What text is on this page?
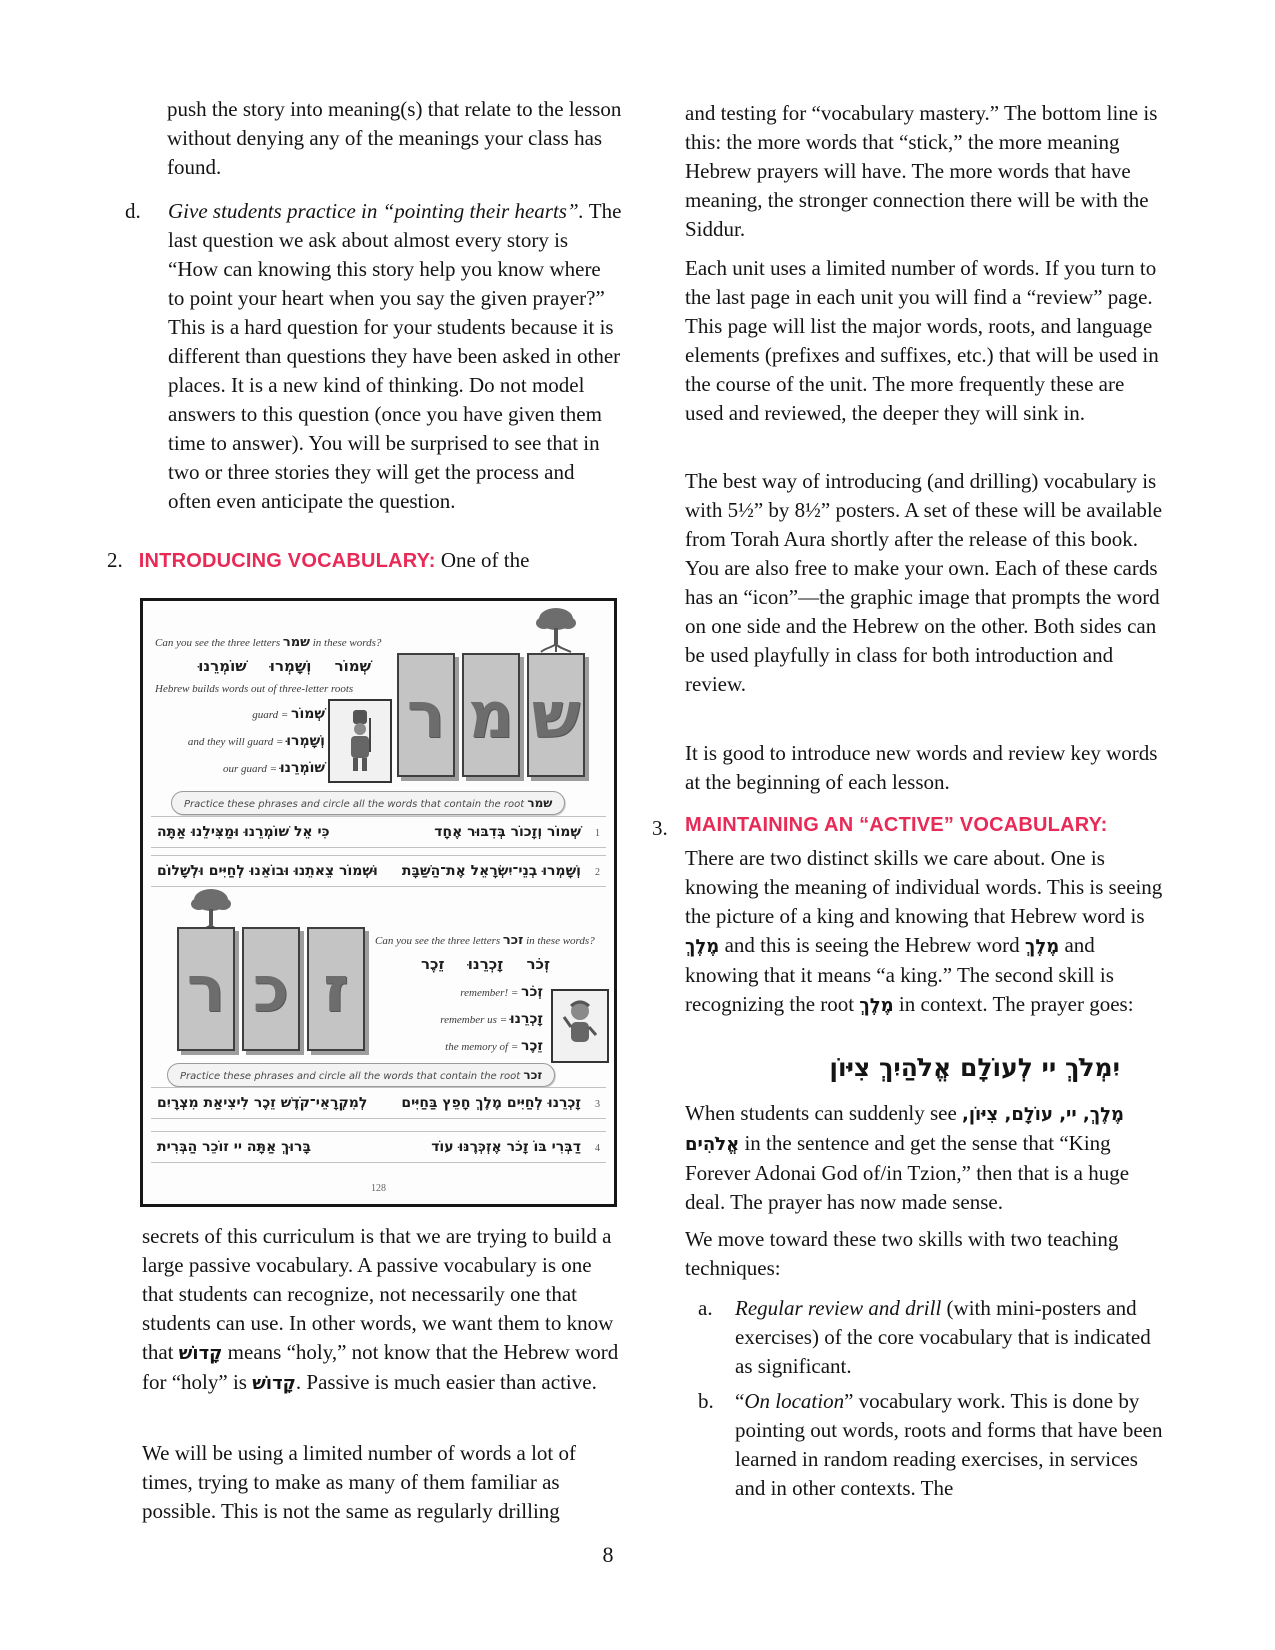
push the story into meaning(s) that relate to the lesson without denying any of the meanings your class has found.

d. Give students practice in “pointing their hearts”. The last question we ask about almost every story is “How can knowing this story help you know where to point your heart when you say the given prayer?” This is a hard question for your students because it is different than questions they have been asked in other places. It is a new kind of thinking. Do not model answers to this question (once you have given them time to answer). You will be surprised to see that in two or three stories they will get the process and often even anticipate the question.

2. INTRODUCING VOCABULARY: One of the
ש
מ
ר
Can you see the three letters שמר in these words?
שְׁמוֹר וְשָׁמְרוּ שׁוֹמְרֵנוּ
Hebrew builds words out of three-letter roots
guard = שְׁמוֹר
and they will guard = וְשָׁמְרוּ
our guard = שׁוֹמְרֵנוּ
Practice these phrases and circle all the words that contain the root שמר
1שְׁמוֹר וְזָכוֹר בְּדִבּוּר אֶחָד
כִּי אֵל שׁוֹמְרֵנוּ וּמַצִּילֵנוּ אַתָּה
2וְשָׁמְרוּ בְנֵי־יִשְׂרָאֵל אֶת־הַשַּׁבָּת
וּשְׁמוֹר צֵאתֵנוּ וּבוֹאֵנוּ לְחַיִּים וּלְשָׁלוֹם
ז
כ
ר
Can you see the three letters זכר in these words?
זְכֹר זָכְרֵנוּ זֵכֶר
remember! = זְכֹר
remember us = זָכְרֵנוּ
the memory of = זֵכֶר
Practice these phrases and circle all the words that contain the root זכר
3זָכְרֵנוּ לְחַיִּים מֶלֶךְ חָפֵץ בַּחַיִּים
לְמִקְרָאֵי־קֹדֶשׁ זֵכֶר לִיצִיאַת מִצְרָיִם
4דַבְּרִי בּוֹ זָכֹר אֶזְכְּרֶנּוּ עוֹד
בָּרוּךְ אַתָּה יי זוֹכֵר הַבְּרִית
128

secrets of this curriculum is that we are trying to build a large passive vocabulary. A passive vocabulary is one that students can recognize, not necessarily one that students can use. In other words, we want them to know that קָדוֹשׁ means “holy,” not know that the Hebrew word for “holy” is קָדוֹשׁ. Passive is much easier than active.

We will be using a limited number of words a lot of times, trying to make as many of them familiar as possible. This is not the same as regularly drilling

and testing for “vocabulary mastery.” The bottom line is this: the more words that “stick,” the more meaning Hebrew prayers will have. The more words that have meaning, the stronger connection there will be with the Siddur.

Each unit uses a limited number of words. If you turn to the last page in each unit you will find a “review” page. This page will list the major words, roots, and language elements (prefixes and suffixes, etc.) that will be used in the course of the unit. The more frequently these are used and reviewed, the deeper they will sink in.

The best way of introducing (and drilling) vocabulary is with 5½” by 8½” posters. A set of these will be available from Torah Aura shortly after the release of this book. You are also free to make your own. Each of these cards has an “icon”—the graphic image that prompts the word on one side and the Hebrew on the other. Both sides can be used playfully in class for both introduction and review.

It is good to introduce new words and review key words at the beginning of each lesson.

3. MAINTAINING AN “ACTIVE” VOCABULARY:

There are two distinct skills we care about. One is knowing the meaning of individual words. This is seeing the picture of a king and knowing that Hebrew word is מֶלֶךְ and this is seeing the Hebrew word מֶלֶךְ and knowing that it means “a king.” The second skill is recognizing the root מֶלֶךְ in context. The prayer goes:

יִמְלֹךְ יי לְעוֹלָם אֱלֹהַיִךְ צִיּוֹן

When students can suddenly see מֶלֶךְ, יי, עוֹלָם, צִיּוֹן, אֱלֹהִים in the sentence and get the sense that “King Forever Adonai God of/in Tzion,” then that is a huge deal. The prayer has now made sense.

We move toward these two skills with two teaching techniques:

a. Regular review and drill (with mini-posters and exercises) of the core vocabulary that is indicated as significant.

b. “On location” vocabulary work. This is done by pointing out words, roots and forms that have been learned in random reading exercises, in services and in other contexts. The

8
